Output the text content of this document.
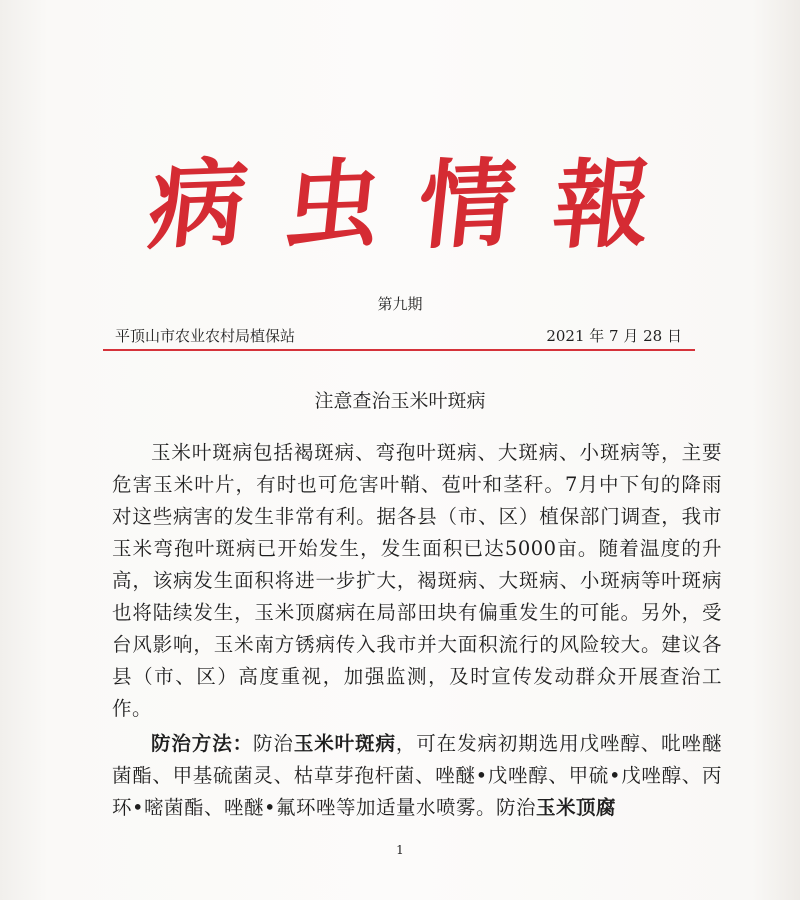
病 虫 情 報
第九期
平顶山市农业农村局植保站	2021 年 7 月 28 日
注意查治玉米叶斑病

玉米叶斑病包括褐斑病、弯孢叶斑病、大斑病、小斑病等，主要危害玉米叶片，有时也可危害叶鞘、苞叶和茎秆。7月中下旬的降雨对这些病害的发生非常有利。据各县（市、区）植保部门调查，我市玉米弯孢叶斑病已开始发生，发生面积已达5000亩。随着温度的升高，该病发生面积将进一步扩大，褐斑病、大斑病、小斑病等叶斑病也将陆续发生，玉米顶腐病在局部田块有偏重发生的可能。另外，受台风影响，玉米南方锈病传入我市并大面积流行的风险较大。建议各县（市、区）高度重视，加强监测，及时宣传发动群众开展查治工作。

防治方法：防治玉米叶斑病，可在发病初期选用戊唑醇、吡唑醚菌酯、甲基硫菌灵、枯草芽孢杆菌、唑醚•戊唑醇、甲硫•戊唑醇、丙环•嘧菌酯、唑醚•氟环唑等加适量水喷雾。防治玉米顶腐

1
